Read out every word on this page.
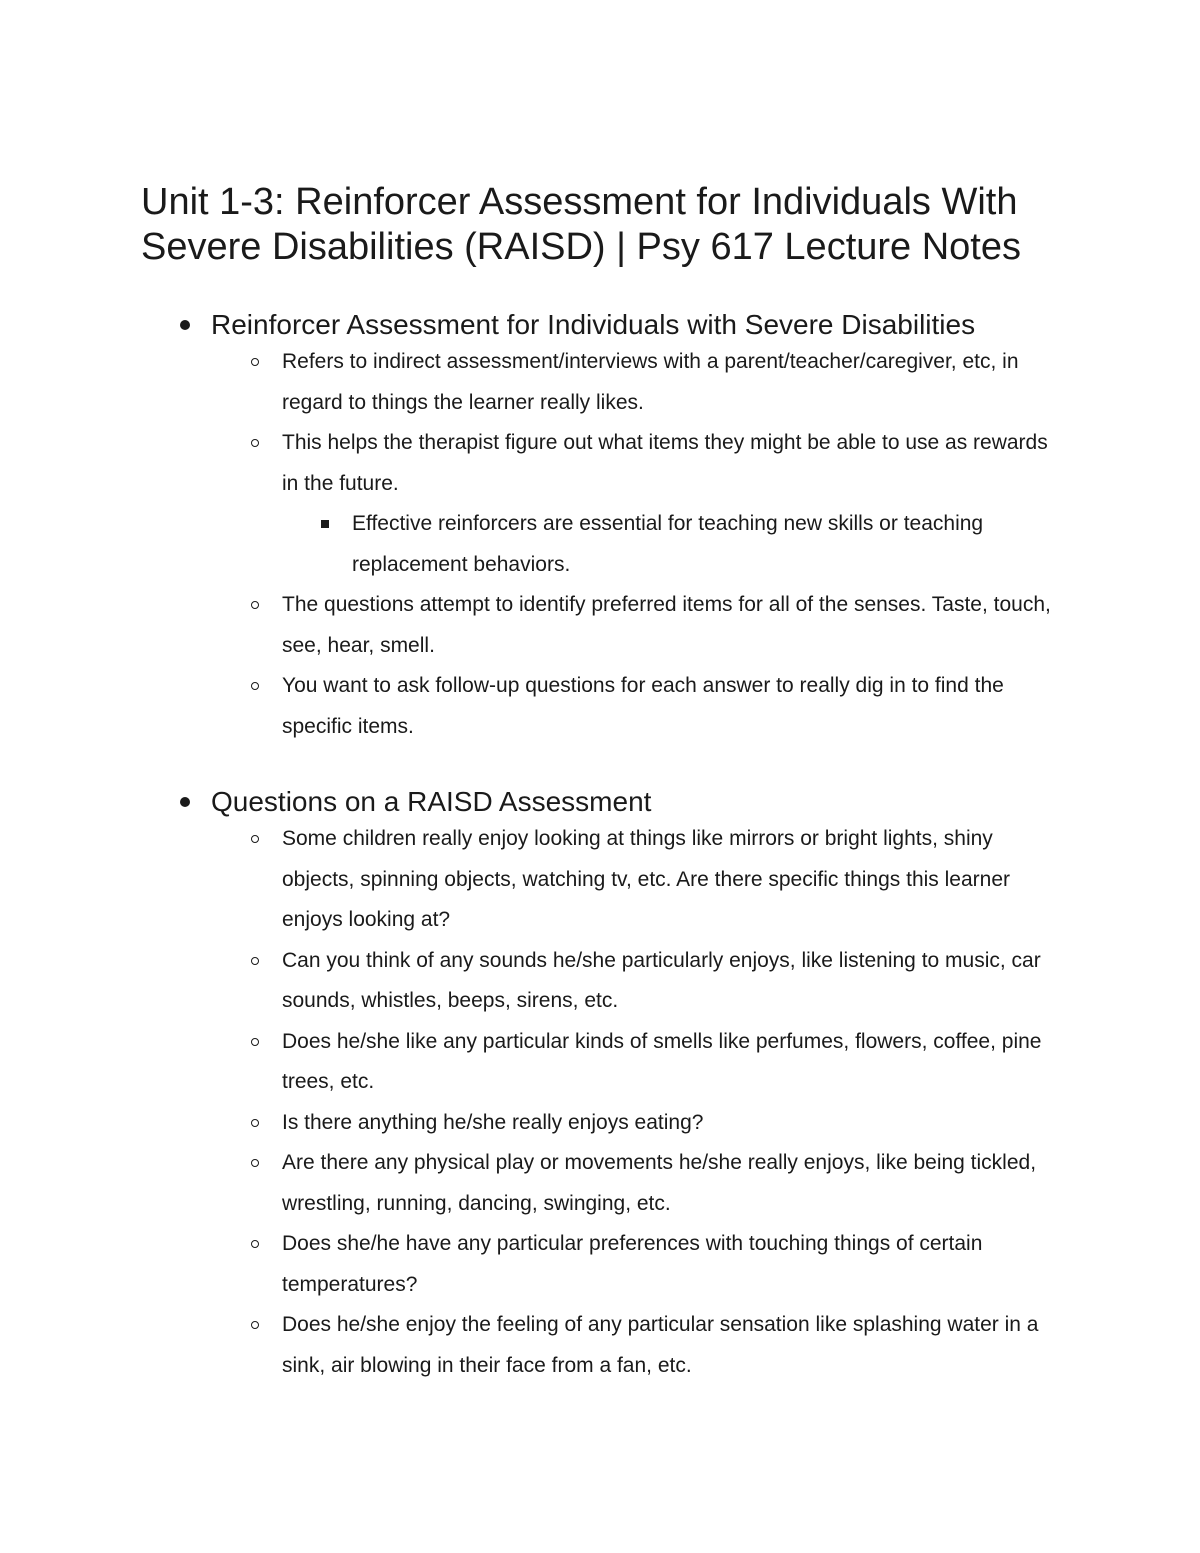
Unit 1-3: Reinforcer Assessment for Individuals With Severe Disabilities (RAISD) | Psy 617 Lecture Notes
Reinforcer Assessment for Individuals with Severe Disabilities
Refers to indirect assessment/interviews with a parent/teacher/caregiver, etc, in regard to things the learner really likes.
This helps the therapist figure out what items they might be able to use as rewards in the future.
Effective reinforcers are essential for teaching new skills or teaching replacement behaviors.
The questions attempt to identify preferred items for all of the senses. Taste, touch, see, hear, smell.
You want to ask follow-up questions for each answer to really dig in to find the specific items.
Questions on a RAISD Assessment
Some children really enjoy looking at things like mirrors or bright lights, shiny objects, spinning objects, watching tv, etc. Are there specific things this learner enjoys looking at?
Can you think of any sounds he/she particularly enjoys, like listening to music, car sounds, whistles, beeps, sirens, etc.
Does he/she like any particular kinds of smells like perfumes, flowers, coffee, pine trees, etc.
Is there anything he/she really enjoys eating?
Are there any physical play or movements he/she really enjoys, like being tickled, wrestling, running, dancing, swinging, etc.
Does she/he have any particular preferences with touching things of certain temperatures?
Does he/she enjoy the feeling of any particular sensation like splashing water in a sink, air blowing in their face from a fan, etc.
